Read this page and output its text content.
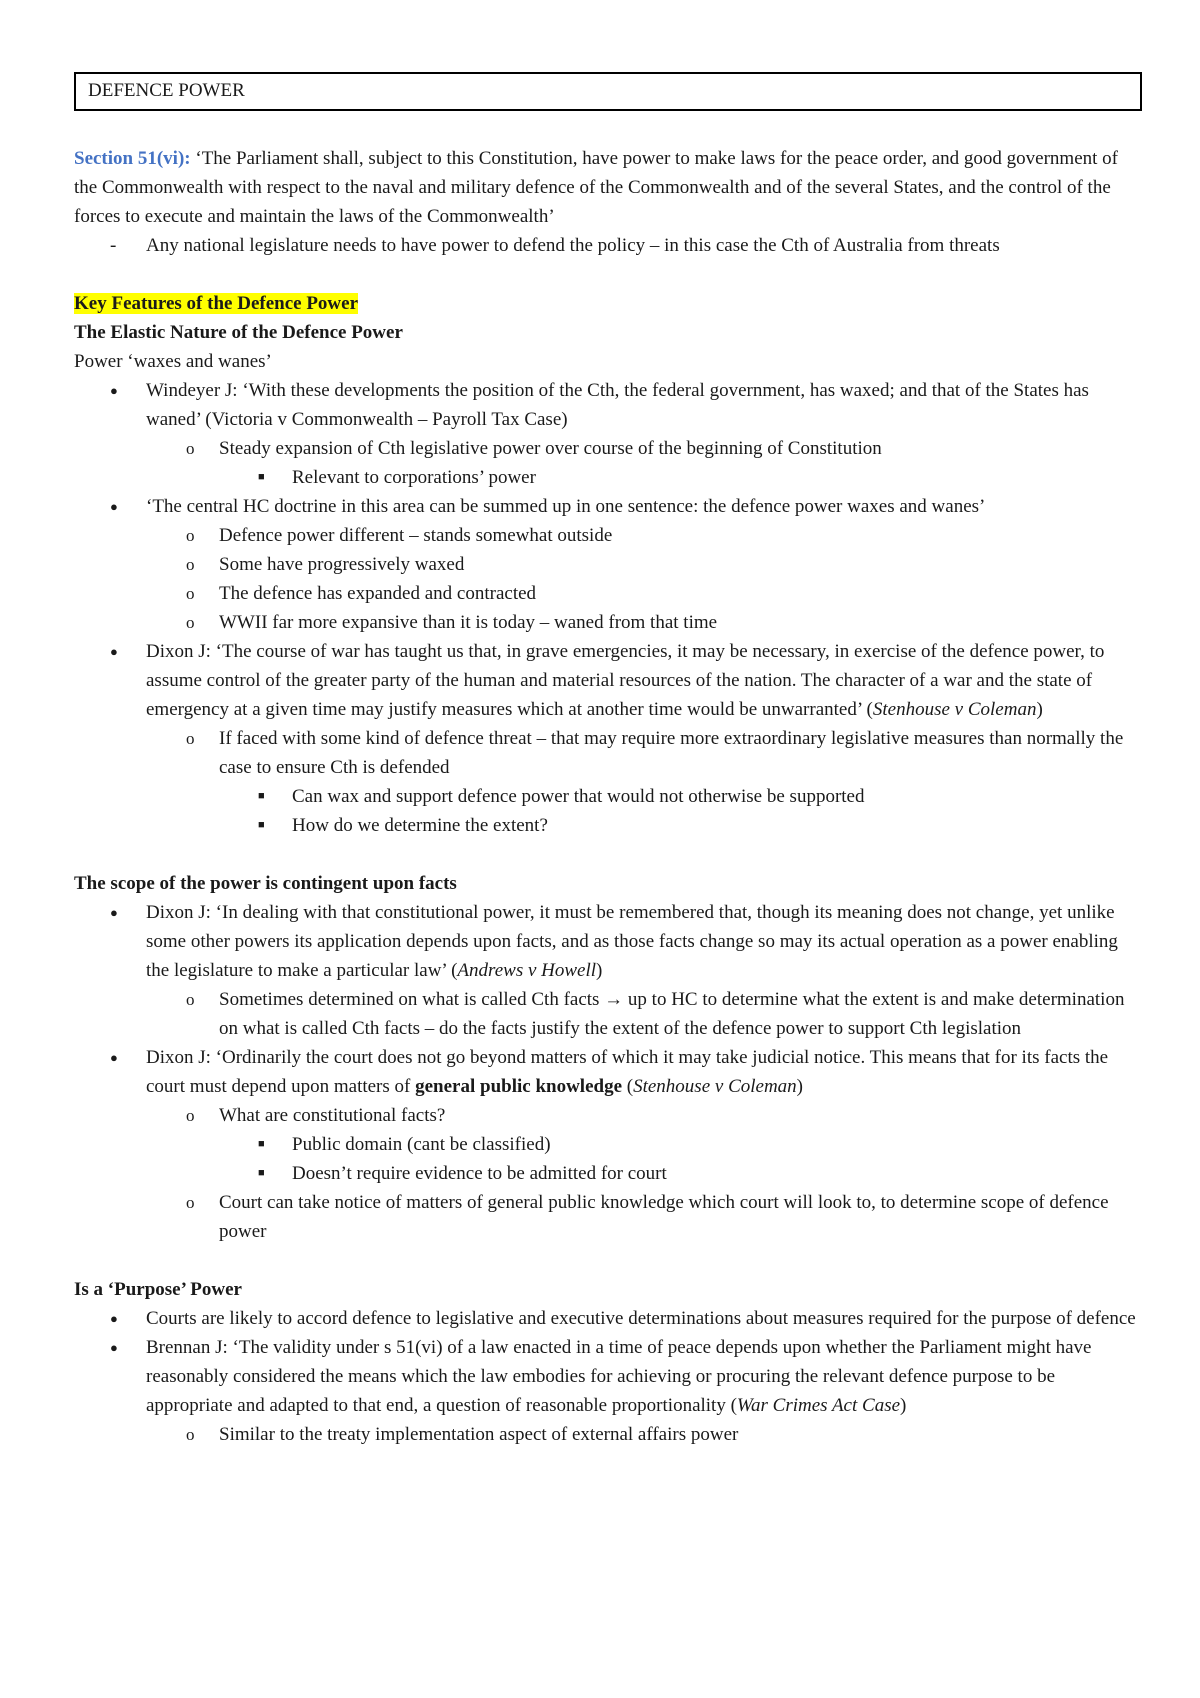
DEFENCE POWER

Section 51(vi): ‘The Parliament shall, subject to this Constitution, have power to make laws for the peace order, and good government of the Commonwealth with respect to the naval and military defence of the Commonwealth and of the several States, and the control of the forces to execute and maintain the laws of the Commonwealth’

- Any national legislature needs to have power to defend the policy – in this case the Cth of Australia from threats

Key Features of the Defence Power

The Elastic Nature of the Defence Power

Power ‘waxes and wanes’

● Windeyer J: ‘With these developments the position of the Cth, the federal government, has waxed; and that of the States has waned’ (Victoria v Commonwealth – Payroll Tax Case)
o Steady expansion of Cth legislative power over course of the beginning of Constitution
■ Relevant to corporations’ power
● ‘The central HC doctrine in this area can be summed up in one sentence: the defence power waxes and wanes’
o Defence power different – stands somewhat outside
o Some have progressively waxed
o The defence has expanded and contracted
o WWII far more expansive than it is today – waned from that time
● Dixon J: ‘The course of war has taught us that, in grave emergencies, it may be necessary, in exercise of the defence power, to assume control of the greater party of the human and material resources of the nation. The character of a war and the state of emergency at a given time may justify measures which at another time would be unwarranted’ (Stenhouse v Coleman)
o If faced with some kind of defence threat – that may require more extraordinary legislative measures than normally the case to ensure Cth is defended
■ Can wax and support defence power that would not otherwise be supported
■ How do we determine the extent?

The scope of the power is contingent upon facts

● Dixon J: ‘In dealing with that constitutional power, it must be remembered that, though its meaning does not change, yet unlike some other powers its application depends upon facts, and as those facts change so may its actual operation as a power enabling the legislature to make a particular law’ (Andrews v Howell)
o Sometimes determined on what is called Cth facts → up to HC to determine what the extent is and make determination on what is called Cth facts – do the facts justify the extent of the defence power to support Cth legislation
● Dixon J: ‘Ordinarily the court does not go beyond matters of which it may take judicial notice. This means that for its facts the court must depend upon matters of general public knowledge (Stenhouse v Coleman)
o What are constitutional facts?
■ Public domain (cant be classified)
■ Doesn’t require evidence to be admitted for court
o Court can take notice of matters of general public knowledge which court will look to, to determine scope of defence power

Is a ‘Purpose’ Power

● Courts are likely to accord defence to legislative and executive determinations about measures required for the purpose of defence
● Brennan J: ‘The validity under s 51(vi) of a law enacted in a time of peace depends upon whether the Parliament might have reasonably considered the means which the law embodies for achieving or procuring the relevant defence purpose to be appropriate and adapted to that end, a question of reasonable proportionality (War Crimes Act Case)
o Similar to the treaty implementation aspect of external affairs power
